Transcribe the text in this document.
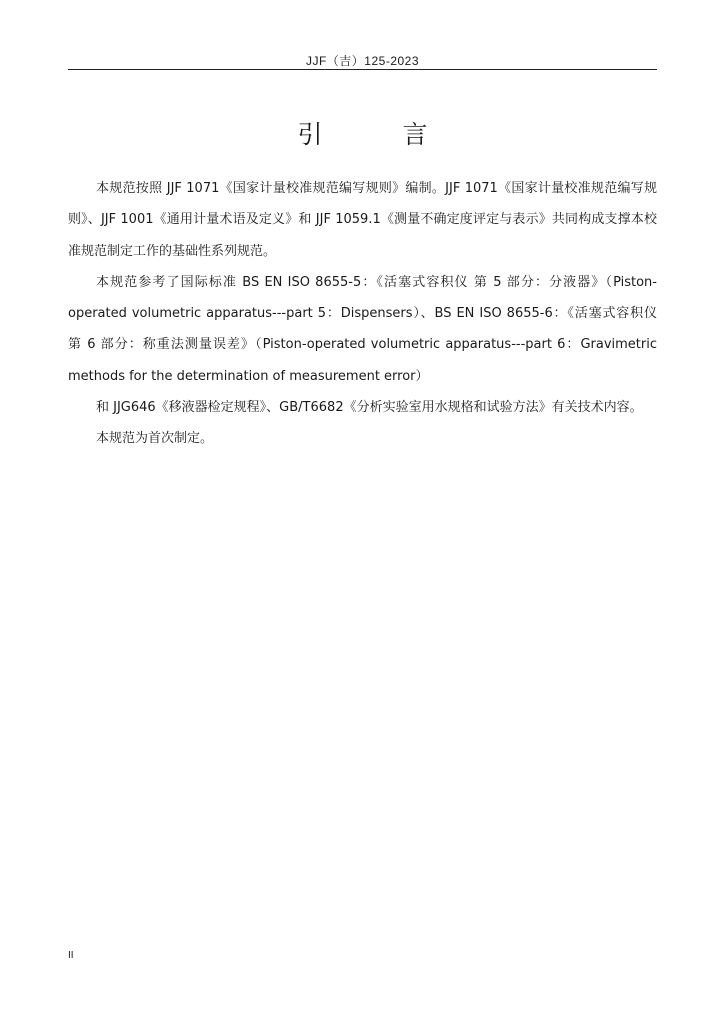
JJF（吉）125-2023
引 言

本规范按照 JJF 1071《国家计量校准规范编写规则》编制。JJF 1071《国家计量校准规范编写规则》、JJF 1001《通用计量术语及定义》和 JJF 1059.1《测量不确定度评定与表示》共同构成支撑本校准规范制定工作的基础性系列规范。

本规范参考了国际标准 BS EN ISO 8655-5：《活塞式容积仪 第 5 部分：分液器》（Piston-operated volumetric apparatus---part 5：Dispensers）、BS EN ISO 8655-6：《活塞式容积仪 第 6 部分：称重法测量误差》（Piston-operated volumetric apparatus---part 6：Gravimetric methods for the determination of measurement error）

和 JJG646《移液器检定规程》、GB/T6682《分析实验室用水规格和试验方法》有关技术内容。

本规范为首次制定。

II
